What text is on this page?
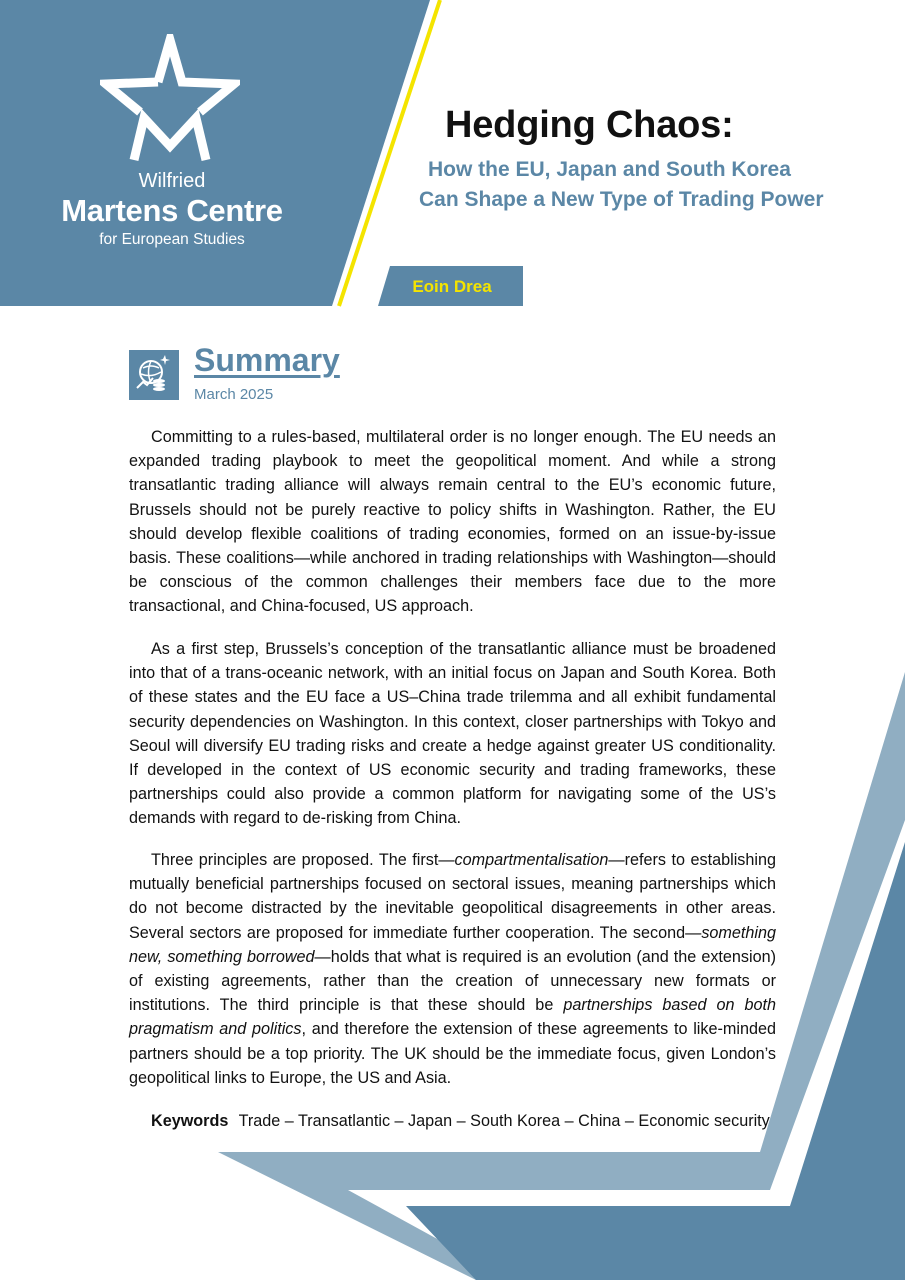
Wilfried
Martens Centre
for European Studies
Hedging Chaos:
How the EU, Japan and South Korea
Can Shape a New Type of Trading Power
Eoin Drea
Summary
March 2025

Committing to a rules-based, multilateral order is no longer enough. The EU needs an expanded trading playbook to meet the geopolitical moment. And while a strong transatlantic trading alliance will always remain central to the EU’s economic future, Brussels should not be purely reactive to policy shifts in Washington. Rather, the EU should develop flexible coalitions of trading economies, formed on an issue-by-issue basis. These coalitions—while anchored in trading relationships with Washington—should be conscious of the common challenges their members face due to the more transactional, and China-focused, US approach.

As a first step, Brussels’s conception of the transatlantic alliance must be broadened into that of a trans-oceanic network, with an initial focus on Japan and South Korea. Both of these states and the EU face a US–China trade trilemma and all exhibit fundamental security dependencies on Washington. In this context, closer partnerships with Tokyo and Seoul will diversify EU trading risks and create a hedge against greater US conditionality. If developed in the context of US economic security and trading frameworks, these partnerships could also provide a common platform for navigating some of the US’s demands with regard to de-risking from China.

Three principles are proposed. The first—compartmentalisation—refers to establishing mutually beneficial partnerships focused on sectoral issues, meaning partnerships which do not become distracted by the inevitable geopolitical disagreements in other areas. Several sectors are proposed for immediate further cooperation. The second—something new, something borrowed—holds that what is required is an evolution (and the extension) of existing agreements, rather than the creation of unnecessary new formats or institutions. The third principle is that these should be partnerships based on both pragmatism and politics, and therefore the extension of these agreements to like-minded partners should be a top priority. The UK should be the immediate focus, given London’s geopolitical links to Europe, the US and Asia.

Keywords Trade – Transatlantic – Japan – South Korea – China – Economic security
